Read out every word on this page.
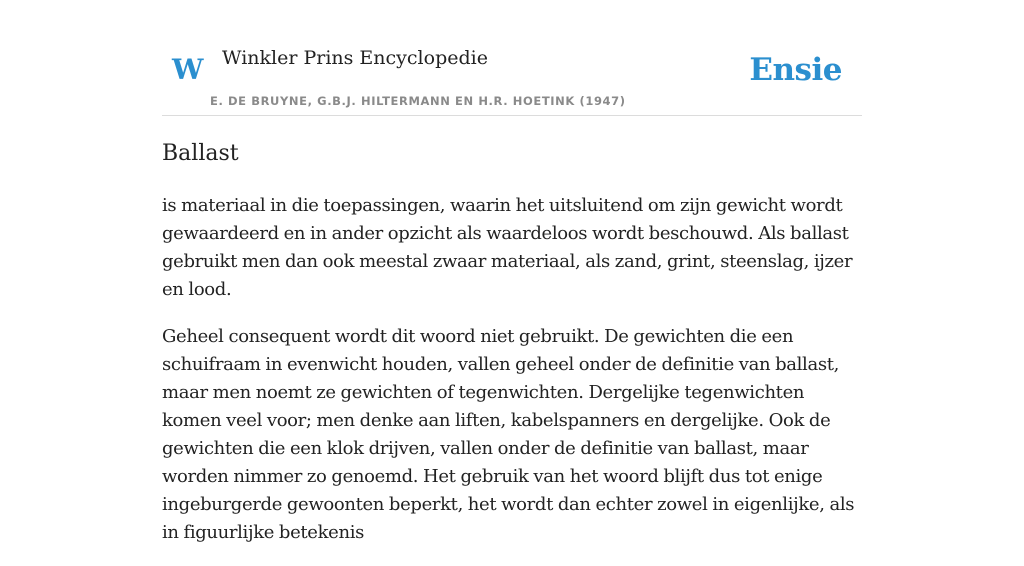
W Winkler Prins Encyclopedie
E. DE BRUYNE, G.B.J. HILTERMANN EN H.R. HOETINK (1947)
Ensie
Ballast

is materiaal in die toepassingen, waarin het uitsluitend om zijn gewicht wordt gewaardeerd en in ander opzicht als waardeloos wordt beschouwd. Als ballast gebruikt men dan ook meestal zwaar materiaal, als zand, grint, steenslag, ijzer en lood.

Geheel consequent wordt dit woord niet gebruikt. De gewichten die een schuifraam in evenwicht houden, vallen geheel onder de definitie van ballast, maar men noemt ze gewichten of tegenwichten. Dergelijke tegenwichten komen veel voor; men denke aan liften, kabelspanners en dergelijke. Ook de gewichten die een klok drijven, vallen onder de definitie van ballast, maar worden nimmer zo genoemd. Het gebruik van het woord blijft dus tot enige ingeburgerde gewoonten beperkt, het wordt dan echter zowel in eigenlijke, als in figuurlijke betekenis
